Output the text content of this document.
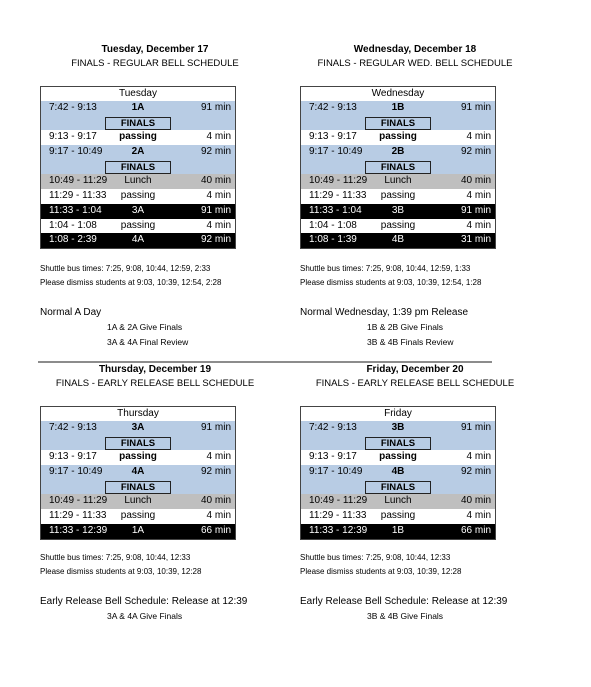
Tuesday, December 17
FINALS - REGULAR BELL SCHEDULE
Tuesday
7:42 - 9:13	1A	91 min
FINALS
9:13 - 9:17	passing	4 min
9:17 - 10:49	2A	92 min
FINALS
10:49 - 11:29	Lunch	40 min
11:29 - 11:33	passing	4 min
11:33 - 1:04	3A	91 min
1:04 - 1:08	passing	4 min
1:08 - 2:39	4A	92 min
Shuttle bus times: 7:25, 9:08, 10:44, 12:59, 2:33
Please dismiss students at 9:03, 10:39, 12:54, 2:28
Normal A Day
1A & 2A Give Finals
3A & 4A Final Review
Wednesday, December 18
FINALS - REGULAR WED. BELL SCHEDULE
Wednesday
7:42 - 9:13	1B	91 min
FINALS
9:13 - 9:17	passing	4 min
9:17 - 10:49	2B	92 min
FINALS
10:49 - 11:29	Lunch	40 min
11:29 - 11:33	passing	4 min
11:33 - 1:04	3B	91 min
1:04 - 1:08	passing	4 min
1:08 - 1:39	4B	31 min
Shuttle bus times: 7:25, 9:08, 10:44, 12:59, 1:33
Please dismiss students at 9:03, 10:39, 12:54, 1:28
Normal Wednesday, 1:39 pm Release
1B & 2B Give Finals
3B & 4B Finals Review
Thursday, December 19
FINALS - EARLY RELEASE BELL SCHEDULE
Thursday
7:42 - 9:13	3A	91 min
FINALS
9:13 - 9:17	passing	4 min
9:17 - 10:49	4A	92 min
FINALS
10:49 - 11:29	Lunch	40 min
11:29 - 11:33	passing	4 min
11:33 - 12:39	1A	66 min
Shuttle bus times: 7:25, 9:08, 10:44, 12:33
Please dismiss students at 9:03, 10:39, 12:28
Early Release Bell Schedule: Release at 12:39
3A & 4A Give Finals
Friday, December 20
FINALS - EARLY RELEASE BELL SCHEDULE
Friday
7:42 - 9:13	3B	91 min
FINALS
9:13 - 9:17	passing	4 min
9:17 - 10:49	4B	92 min
FINALS
10:49 - 11:29	Lunch	40 min
11:29 - 11:33	passing	4 min
11:33 - 12:39	1B	66 min
Shuttle bus times: 7:25, 9:08, 10:44, 12:33
Please dismiss students at 9:03, 10:39, 12:28
Early Release Bell Schedule: Release at 12:39
3B & 4B Give Finals
